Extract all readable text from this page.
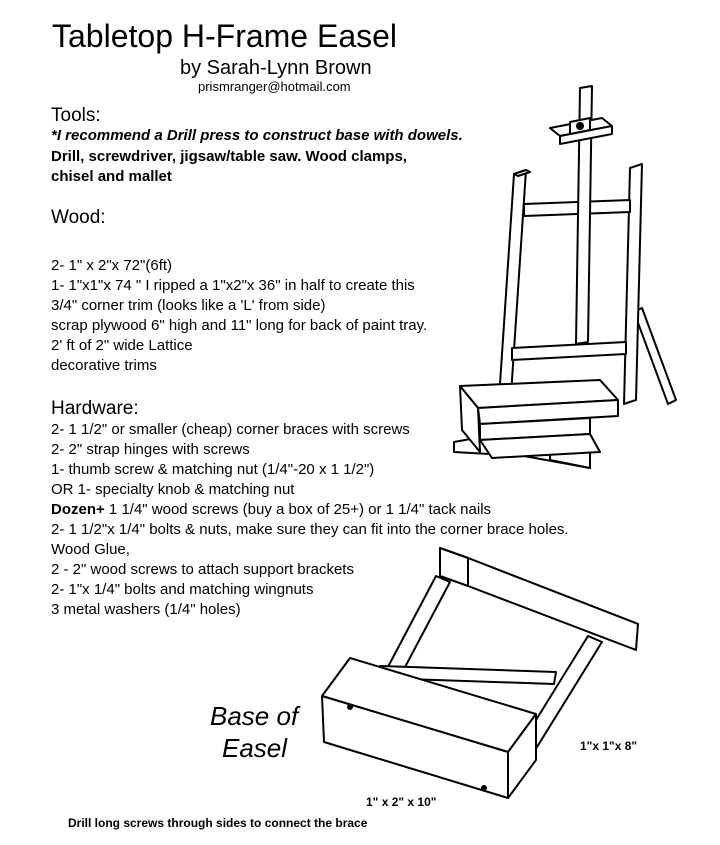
Tabletop H-Frame Easel
by Sarah-Lynn Brown
prismranger@hotmail.com
Tools:
*I recommend a Drill press to construct base with dowels.
Drill, screwdriver, jigsaw/table saw. Wood clamps,
chisel and mallet
Wood:
2- 1" x 2"x 72"(6ft)
1- 1"x1"x 74 " I ripped a 1"x2"x 36" in half to create this
3/4" corner trim (looks like a 'L' from side)
scrap plywood 6" high and 11" long for back of paint tray.
2' ft of 2" wide Lattice
decorative trims
Hardware:
2- 1 1/2" or smaller (cheap) corner braces with screws
2- 2" strap hinges with screws
1- thumb screw & matching nut (1/4"-20 x 1 1/2")
OR 1- specialty knob & matching nut
Dozen+ 1 1/4" wood screws (buy a box of 25+) or 1 1/4" tack nails
2- 1 1/2"x 1/4" bolts & nuts, make sure they can fit into the corner brace holes.
Wood Glue,
2 - 2" wood screws to attach support brackets
2- 1"x 1/4" bolts and matching wingnuts
3 metal washers (1/4" holes)
Base of
Easel	1"x 1"x 8"
1" x 2" x 10"
Drill long screws through sides to connect the brace
